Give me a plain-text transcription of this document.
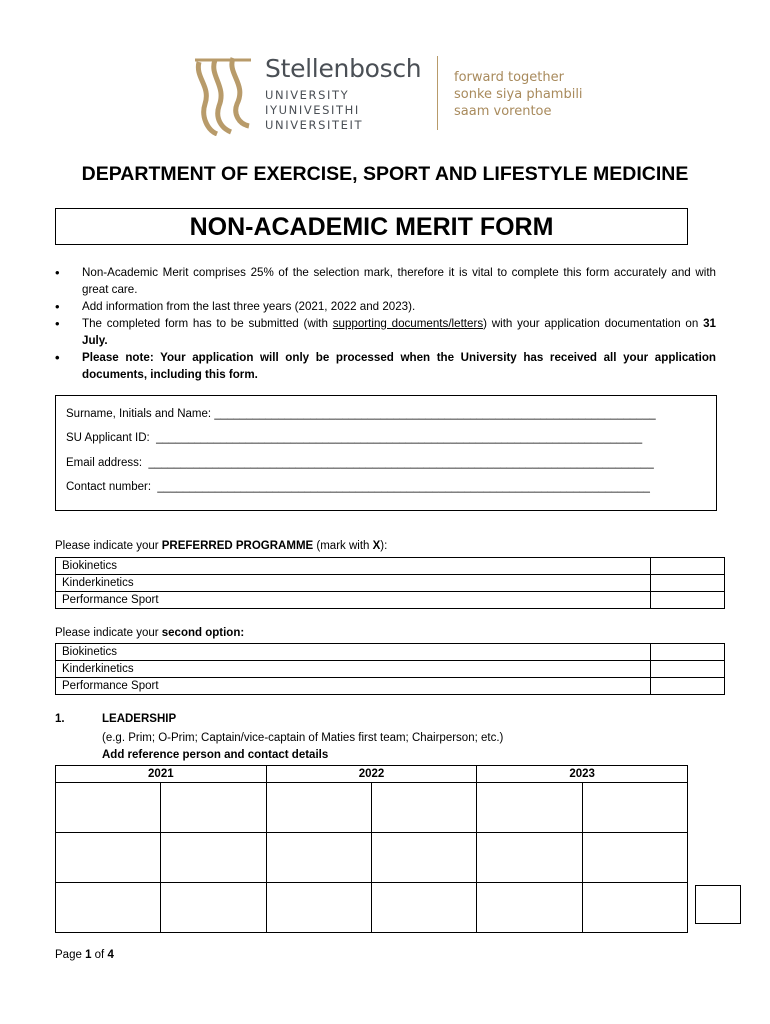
Stellenbosch
UNIVERSITY
IYUNIVESITHI
UNIVERSITEIT
forward together
sonke siya phambili
saam vorentoe
DEPARTMENT OF EXERCISE, SPORT AND LIFESTYLE MEDICINE
NON-ACADEMIC MERIT FORM
• Non-Academic Merit comprises 25% of the selection mark, therefore it is vital to complete this form accurately and with great care.
• Add information from the last three years (2021, 2022 and 2023).
• The completed form has to be submitted (with supporting documents/letters) with your application documentation on 31 July.
• Please note: Your application will only be processed when the University has received all your application documents, including this form.
Surname, Initials and Name: _____________________________________________________________________
SU Applicant ID: ____________________________________________________________________________
Email address: _______________________________________________________________________________
Contact number: _____________________________________________________________________________
Please indicate your PREFERRED PROGRAMME (mark with X):
Biokinetics	
Kinderkinetics	
Performance Sport	
Please indicate your second option:
Biokinetics	
Kinderkinetics	
Performance Sport	
1.	LEADERSHIP
(e.g. Prim; O-Prim; Captain/vice-captain of Maties first team; Chairperson; etc.)
Add reference person and contact details
2021		2022		2023	

Page 1 of 4
